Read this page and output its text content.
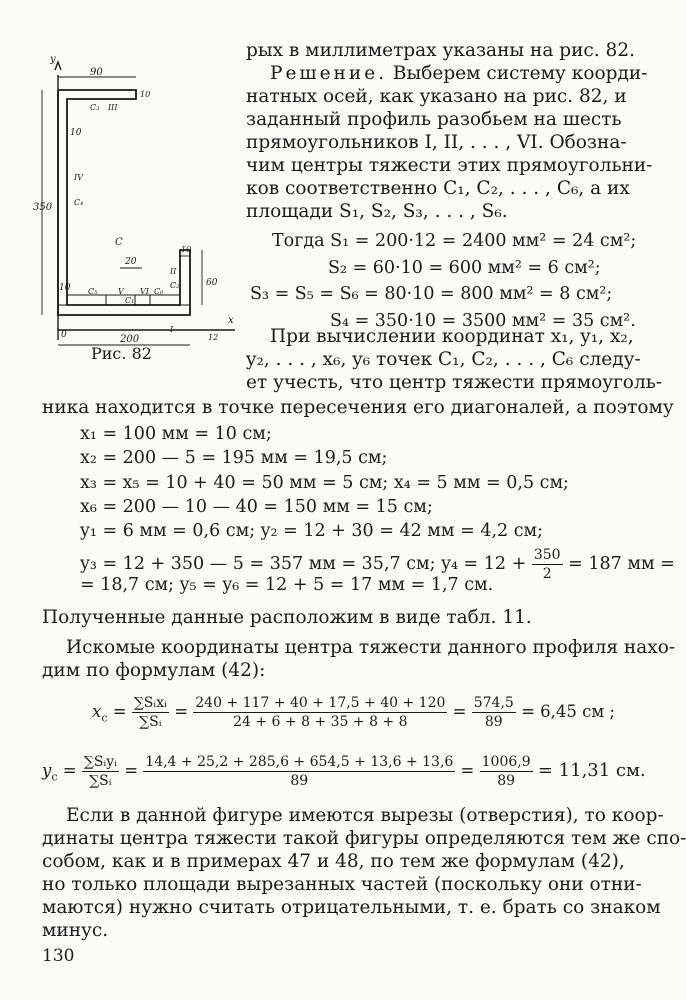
y
90
10
350
10
10
20
10
60
200	12
x
C
0
C₃ III
IV
C₄
C₅	V
C₁
VI C₆
C₂
II
I
Рис. 82

рых в миллиметрах указаны на рис. 82.

Решение. Выберем систему коорди-

натных осей, как указано на рис. 82, и

заданный профиль разобьем на шесть

прямоугольников I, II, . . . , VI. Обозна-

чим центры тяжести этих прямоугольни-

ков соответственно C₁, C₂, . . . , C₆, а их

площади S₁, S₂, S₃, . . . , S₆.

Тогда S₁ = 200·12 = 2400 мм² = 24 см²;

S₂ = 60·10 = 600 мм² = 6 см²;

S₃ = S₅ = S₆ = 80·10 = 800 мм² = 8 см²;

S₄ = 350·10 = 3500 мм² = 35 см².

При вычислении координат x₁, y₁, x₂,

y₂, . . . , x₆, y₆ точек C₁, C₂, . . . , C₆ следу-

ет учесть, что центр тяжести прямоуголь-

ника находится в точке пересечения его диагоналей, а поэтому

x₁ = 100 мм = 10 см;

x₂ = 200 — 5 = 195 мм = 19,5 см;

x₃ = x₅ = 10 + 40 = 50 мм = 5 см; x₄ = 5 мм = 0,5 см;

x₆ = 200 — 10 — 40 = 150 мм = 15 см;

y₁ = 6 мм = 0,6 см; y₂ = 12 + 30 = 42 мм = 4,2 см;

y₃ = 12 + 350 — 5 = 357 мм = 35,7 см; $y_4 = 12 + \frac{350}{2} = 187$ мм =

= 18,7 см; y₅ = y₆ = 12 + 5 = 17 мм = 1,7 см.

Полученные данные расположим в виде табл. 11.

Искомые координаты центра тяжести данного профиля нахо-

дим по формулам (42):

$x_c = \frac{\text{∑Sᵢxᵢ}}{\text{∑Sᵢ}} = \frac{240 + 117 + 40 + 17,5 + 40 + 120}{24 + 6 + 8 + 35 + 8 + 8} = \frac{574,5}{89} = 6,45$ см ;
$y_c = \frac{\text{∑Sᵢyᵢ}}{\text{∑Sᵢ}} = \frac{14,4 + 25,2 + 285,6 + 654,5 + 13,6 + 13,6}{89} = \frac{1006,9}{89} = 11,31$ см.

Если в данной фигуре имеются вырезы (отверстия), то коор-

динаты центра тяжести такой фигуры определяются тем же спо-

собом, как и в примерах 47 и 48, по тем же формулам (42),

но только площади вырезанных частей (поскольку они отни-

маются) нужно считать отрицательными, т. е. брать со знаком

минус.

130
